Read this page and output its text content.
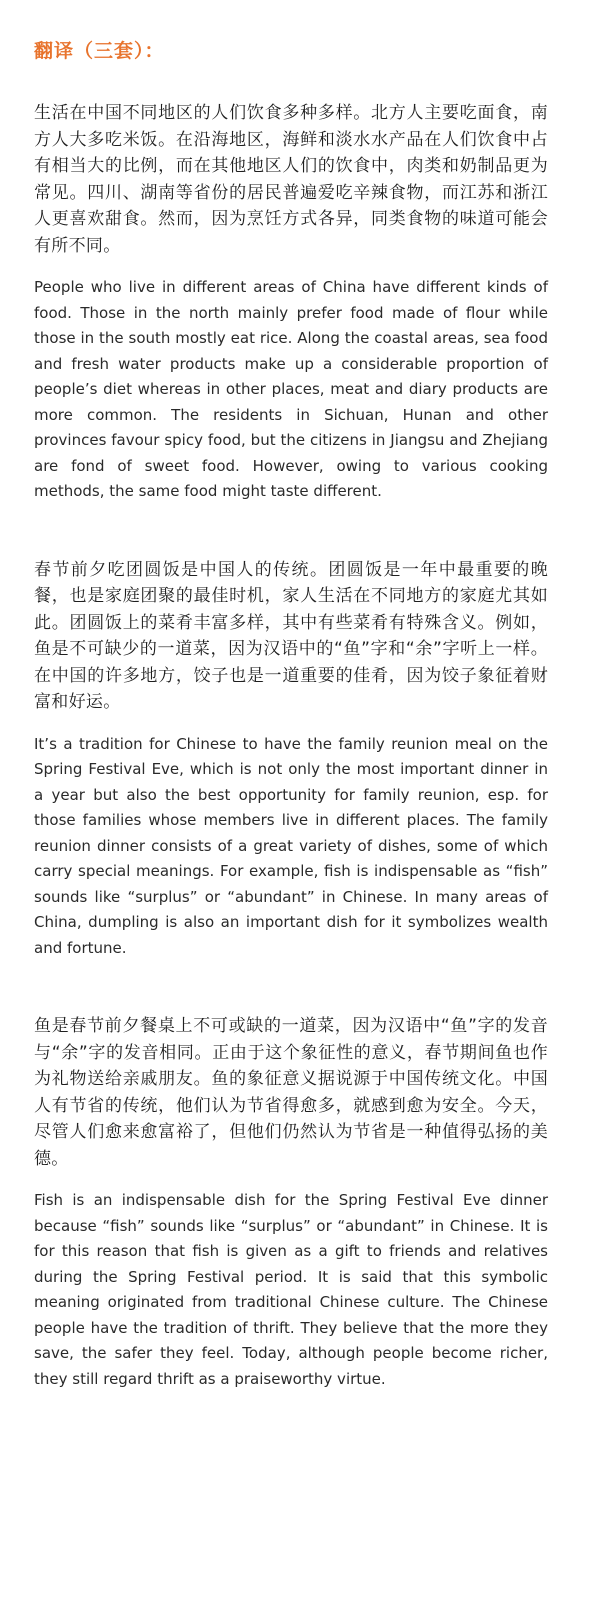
翻译（三套）：

生活在中国不同地区的人们饮食多种多样。北方人主要吃面食，南方人大多吃米饭。在沿海地区，海鲜和淡水水产品在人们饮食中占有相当大的比例，而在其他地区人们的饮食中，肉类和奶制品更为常见。四川、湖南等省份的居民普遍爱吃辛辣食物，而江苏和浙江人更喜欢甜食。然而，因为烹饪方式各异，同类食物的味道可能会有所不同。

People who live in different areas of China have different kinds of food. Those in the north mainly prefer food made of flour while those in the south mostly eat rice. Along the coastal areas, sea food and fresh water products make up a considerable proportion of people’s diet whereas in other places, meat and diary products are more common. The residents in Sichuan, Hunan and other provinces favour spicy food, but the citizens in Jiangsu and Zhejiang are fond of sweet food. However, owing to various cooking methods, the same food might taste different.

春节前夕吃团圆饭是中国人的传统。团圆饭是一年中最重要的晚餐，也是家庭团聚的最佳时机，家人生活在不同地方的家庭尤其如此。团圆饭上的菜肴丰富多样，其中有些菜肴有特殊含义。例如，鱼是不可缺少的一道菜，因为汉语中的“鱼”字和“余”字听上一样。在中国的许多地方，饺子也是一道重要的佳肴，因为饺子象征着财富和好运。

It’s a tradition for Chinese to have the family reunion meal on the Spring Festival Eve, which is not only the most important dinner in a year but also the best opportunity for family reunion, esp. for those families whose members live in different places. The family reunion dinner consists of a great variety of dishes, some of which carry special meanings. For example, fish is indispensable as “fish” sounds like “surplus” or “abundant” in Chinese. In many areas of China, dumpling is also an important dish for it symbolizes wealth and fortune.

鱼是春节前夕餐桌上不可或缺的一道菜，因为汉语中“鱼”字的发音与“余”字的发音相同。正由于这个象征性的意义，春节期间鱼也作为礼物送给亲戚朋友。鱼的象征意义据说源于中国传统文化。中国人有节省的传统，他们认为节省得愈多，就感到愈为安全。今天，尽管人们愈来愈富裕了，但他们仍然认为节省是一种值得弘扬的美德。

Fish is an indispensable dish for the Spring Festival Eve dinner because “fish” sounds like “surplus” or “abundant” in Chinese. It is for this reason that fish is given as a gift to friends and relatives during the Spring Festival period. It is said that this symbolic meaning originated from traditional Chinese culture. The Chinese people have the tradition of thrift. They believe that the more they save, the safer they feel. Today, although people become richer, they still regard thrift as a praiseworthy virtue.
